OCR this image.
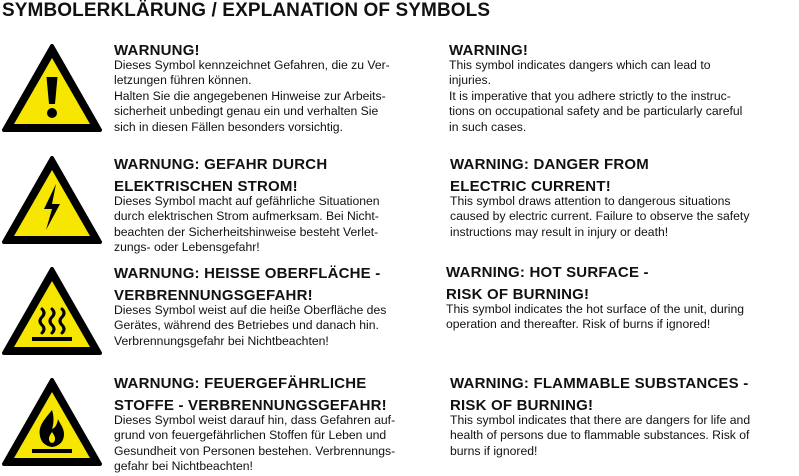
SYMBOLERKLÄRUNG / EXPLANATION OF SYMBOLS
WARNUNG!
Dieses Symbol kennzeichnet Gefahren, die zu Ver-
letzungen führen können.
Halten Sie die angegebenen Hinweise zur Arbeits-
sicherheit unbedingt genau ein und verhalten Sie
sich in diesen Fällen besonders vorsichtig.
WARNING!
This symbol indicates dangers which can lead to
injuries.
It is imperative that you adhere strictly to the instruc-
tions on occupational safety and be particularly careful
in such cases.
WARNUNG: GEFAHR DURCH
ELEKTRISCHEN STROM!
Dieses Symbol macht auf gefährliche Situationen
durch elektrischen Strom aufmerksam. Bei Nicht-
beachten der Sicherheitshinweise besteht Verlet-
zungs- oder Lebensgefahr!
WARNING: DANGER FROM
ELECTRIC CURRENT!
This symbol draws attention to dangerous situations
caused by electric current. Failure to observe the safety
instructions may result in injury or death!
WARNUNG: HEISSE OBERFLÄCHE -
VERBRENNUNGSGEFAHR!
Dieses Symbol weist auf die heiße Oberfläche des
Gerätes, während des Betriebes und danach hin.
Verbrennungsgefahr bei Nichtbeachten!
WARNING: HOT SURFACE -
RISK OF BURNING!
This symbol indicates the hot surface of the unit, during
operation and thereafter. Risk of burns if ignored!
WARNUNG: FEUERGEFÄHRLICHE
STOFFE - VERBRENNUNGSGEFAHR!
Dieses Symbol weist darauf hin, dass Gefahren auf-
grund von feuergefährlichen Stoffen für Leben und
Gesundheit von Personen bestehen. Verbrennungs-
gefahr bei Nichtbeachten!
WARNING: FLAMMABLE SUBSTANCES -
RISK OF BURNING!
This symbol indicates that there are dangers for life and
health of persons due to flammable substances. Risk of
burns if ignored!
